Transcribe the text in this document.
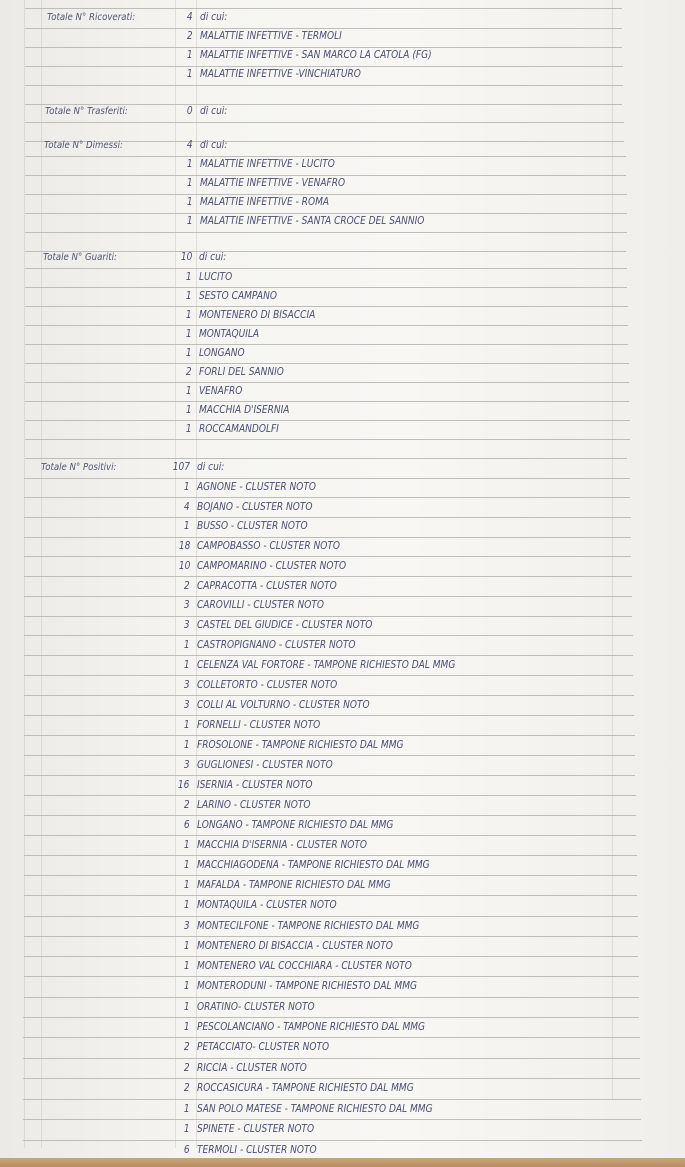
Totale N° Ricoverati:	4 di cui:
2 MALATTIE INFETTIVE - TERMOLI
1 MALATTIE INFETTIVE - SAN MARCO LA CATOLA (FG)
1 MALATTIE INFETTIVE -VINCHIATURO
Totale N° Trasferiti:	0 di cui:
Totale N° Dimessi:	4 di cui:
1 MALATTIE INFETTIVE - LUCITO
1 MALATTIE INFETTIVE - VENAFRO
1 MALATTIE INFETTIVE - ROMA
1 MALATTIE INFETTIVE - SANTA CROCE DEL SANNIO
Totale N° Guariti:	10 di cui:
1 LUCITO
1 SESTO CAMPANO
1 MONTENERO DI BISACCIA
1 MONTAQUILA
1 LONGANO
2 FORLI DEL SANNIO
1 VENAFRO
1 MACCHIA D'ISERNIA
1 ROCCAMANDOLFI
Totale N° Positivi:	107 di cui:
1 AGNONE - CLUSTER NOTO
4 BOJANO - CLUSTER NOTO
1 BUSSO - CLUSTER NOTO
18 CAMPOBASSO - CLUSTER NOTO
10 CAMPOMARINO - CLUSTER NOTO
2 CAPRACOTTA - CLUSTER NOTO
3 CAROVILLI - CLUSTER NOTO
3 CASTEL DEL GIUDICE - CLUSTER NOTO
1 CASTROPIGNANO - CLUSTER NOTO
1 CELENZA VAL FORTORE - TAMPONE RICHIESTO DAL MMG
3 COLLETORTO - CLUSTER NOTO
3 COLLI AL VOLTURNO - CLUSTER NOTO
1 FORNELLI - CLUSTER NOTO
1 FROSOLONE - TAMPONE RICHIESTO DAL MMG
3 GUGLIONESI - CLUSTER NOTO
16 ISERNIA - CLUSTER NOTO
2 LARINO - CLUSTER NOTO
6 LONGANO - TAMPONE RICHIESTO DAL MMG
1 MACCHIA D'ISERNIA - CLUSTER NOTO
1 MACCHIAGODENA - TAMPONE RICHIESTO DAL MMG
1 MAFALDA - TAMPONE RICHIESTO DAL MMG
1 MONTAQUILA - CLUSTER NOTO
3 MONTECILFONE - TAMPONE RICHIESTO DAL MMG
1 MONTENERO DI BISACCIA - CLUSTER NOTO
1 MONTENERO VAL COCCHIARA - CLUSTER NOTO
1 MONTERODUNI - TAMPONE RICHIESTO DAL MMG
1 ORATINO- CLUSTER NOTO
1 PESCOLANCIANO - TAMPONE RICHIESTO DAL MMG
2 PETACCIATO- CLUSTER NOTO
2 RICCIA - CLUSTER NOTO
2 ROCCASICURA - TAMPONE RICHIESTO DAL MMG
1 SAN POLO MATESE - TAMPONE RICHIESTO DAL MMG
1 SPINETE - CLUSTER NOTO
6 TERMOLI - CLUSTER NOTO
